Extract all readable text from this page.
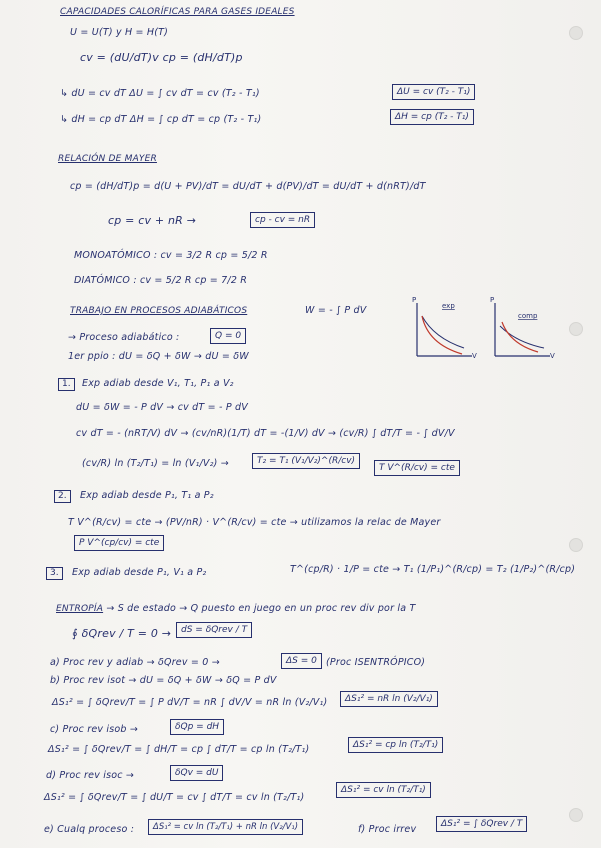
CAPACIDADES CALORÍFICAS PARA GASES IDEALES
U = U(T) y H = H(T)
cv = (dU/dT)v cp = (dH/dT)p
↳ dU = cv dT ΔU = ∫ cv dT = cv (T₂ - T₁)	ΔU = cv (T₂ - T₁)
↳ dH = cp dT ΔH = ∫ cp dT = cp (T₂ - T₁)	ΔH = cp (T₂ - T₁)
RELACIÓN DE MAYER
cp = (dH/dT)p = d(U + PV)/dT = dU/dT + d(PV)/dT = dU/dT + d(nRT)/dT
cp = cv + nR →	cp - cv = nR
MONOATÓMICO : cv = 3/2 R cp = 5/2 R
DIATÓMICO : cv = 5/2 R cp = 7/2 R
TRABAJO EN PROCESOS ADIABÁTICOS	W = - ∫ P dV
→ Proceso adiabático :	Q = 0
1er ppio : dU = δQ + δW → dU = δW
P
V
exp
P
V
comp
1.	Exp adiab desde V₁, T₁, P₁ a V₂
dU = δW = - P dV → cv dT = - P dV
cv dT = - (nRT/V) dV → (cv/nR)(1/T) dT = -(1/V) dV → (cv/R) ∫ dT/T = - ∫ dV/V
(cv/R) ln (T₂/T₁) = ln (V₁/V₂) →	T₂ = T₁ (V₁/V₂)^(R/cv)
T V^(R/cv) = cte
2.	Exp adiab desde P₁, T₁ a P₂
T V^(R/cv) = cte → (PV/nR) · V^(R/cv) = cte → utilizamos la relac de Mayer
P V^(cp/cv) = cte
3.	Exp adiab desde P₁, V₁ a P₂	T^(cp/R) · 1/P = cte → T₁ (1/P₁)^(R/cp) = T₂ (1/P₂)^(R/cp)
ENTROPÍA → S de estado → Q puesto en juego en un proc rev div por la T
∮ δQrev / T = 0 →	dS = δQrev / T
a) Proc rev y adiab → δQrev = 0 →	ΔS = 0 (Proc ISENTRÓPICO)
b) Proc rev isot → dU = δQ + δW → δQ = P dV
ΔS₁² = ∫ δQrev/T = ∫ P dV/T = nR ∫ dV/V = nR ln (V₂/V₁)	ΔS₁² = nR ln (V₂/V₁)
c) Proc rev isob →	δQp = dH
ΔS₁² = ∫ δQrev/T = ∫ dH/T = cp ∫ dT/T = cp ln (T₂/T₁)	ΔS₁² = cp ln (T₂/T₁)
d) Proc rev isoc →	δQv = dU
ΔS₁² = ∫ δQrev/T = ∫ dU/T = cv ∫ dT/T = cv ln (T₂/T₁)
ΔS₁² = cv ln (T₂/T₁)
e) Cualq proceso :	ΔS₁² = cv ln (T₂/T₁) + nR ln (V₂/V₁)	f) Proc irrev	ΔS₁² = ∫ δQrev / T
